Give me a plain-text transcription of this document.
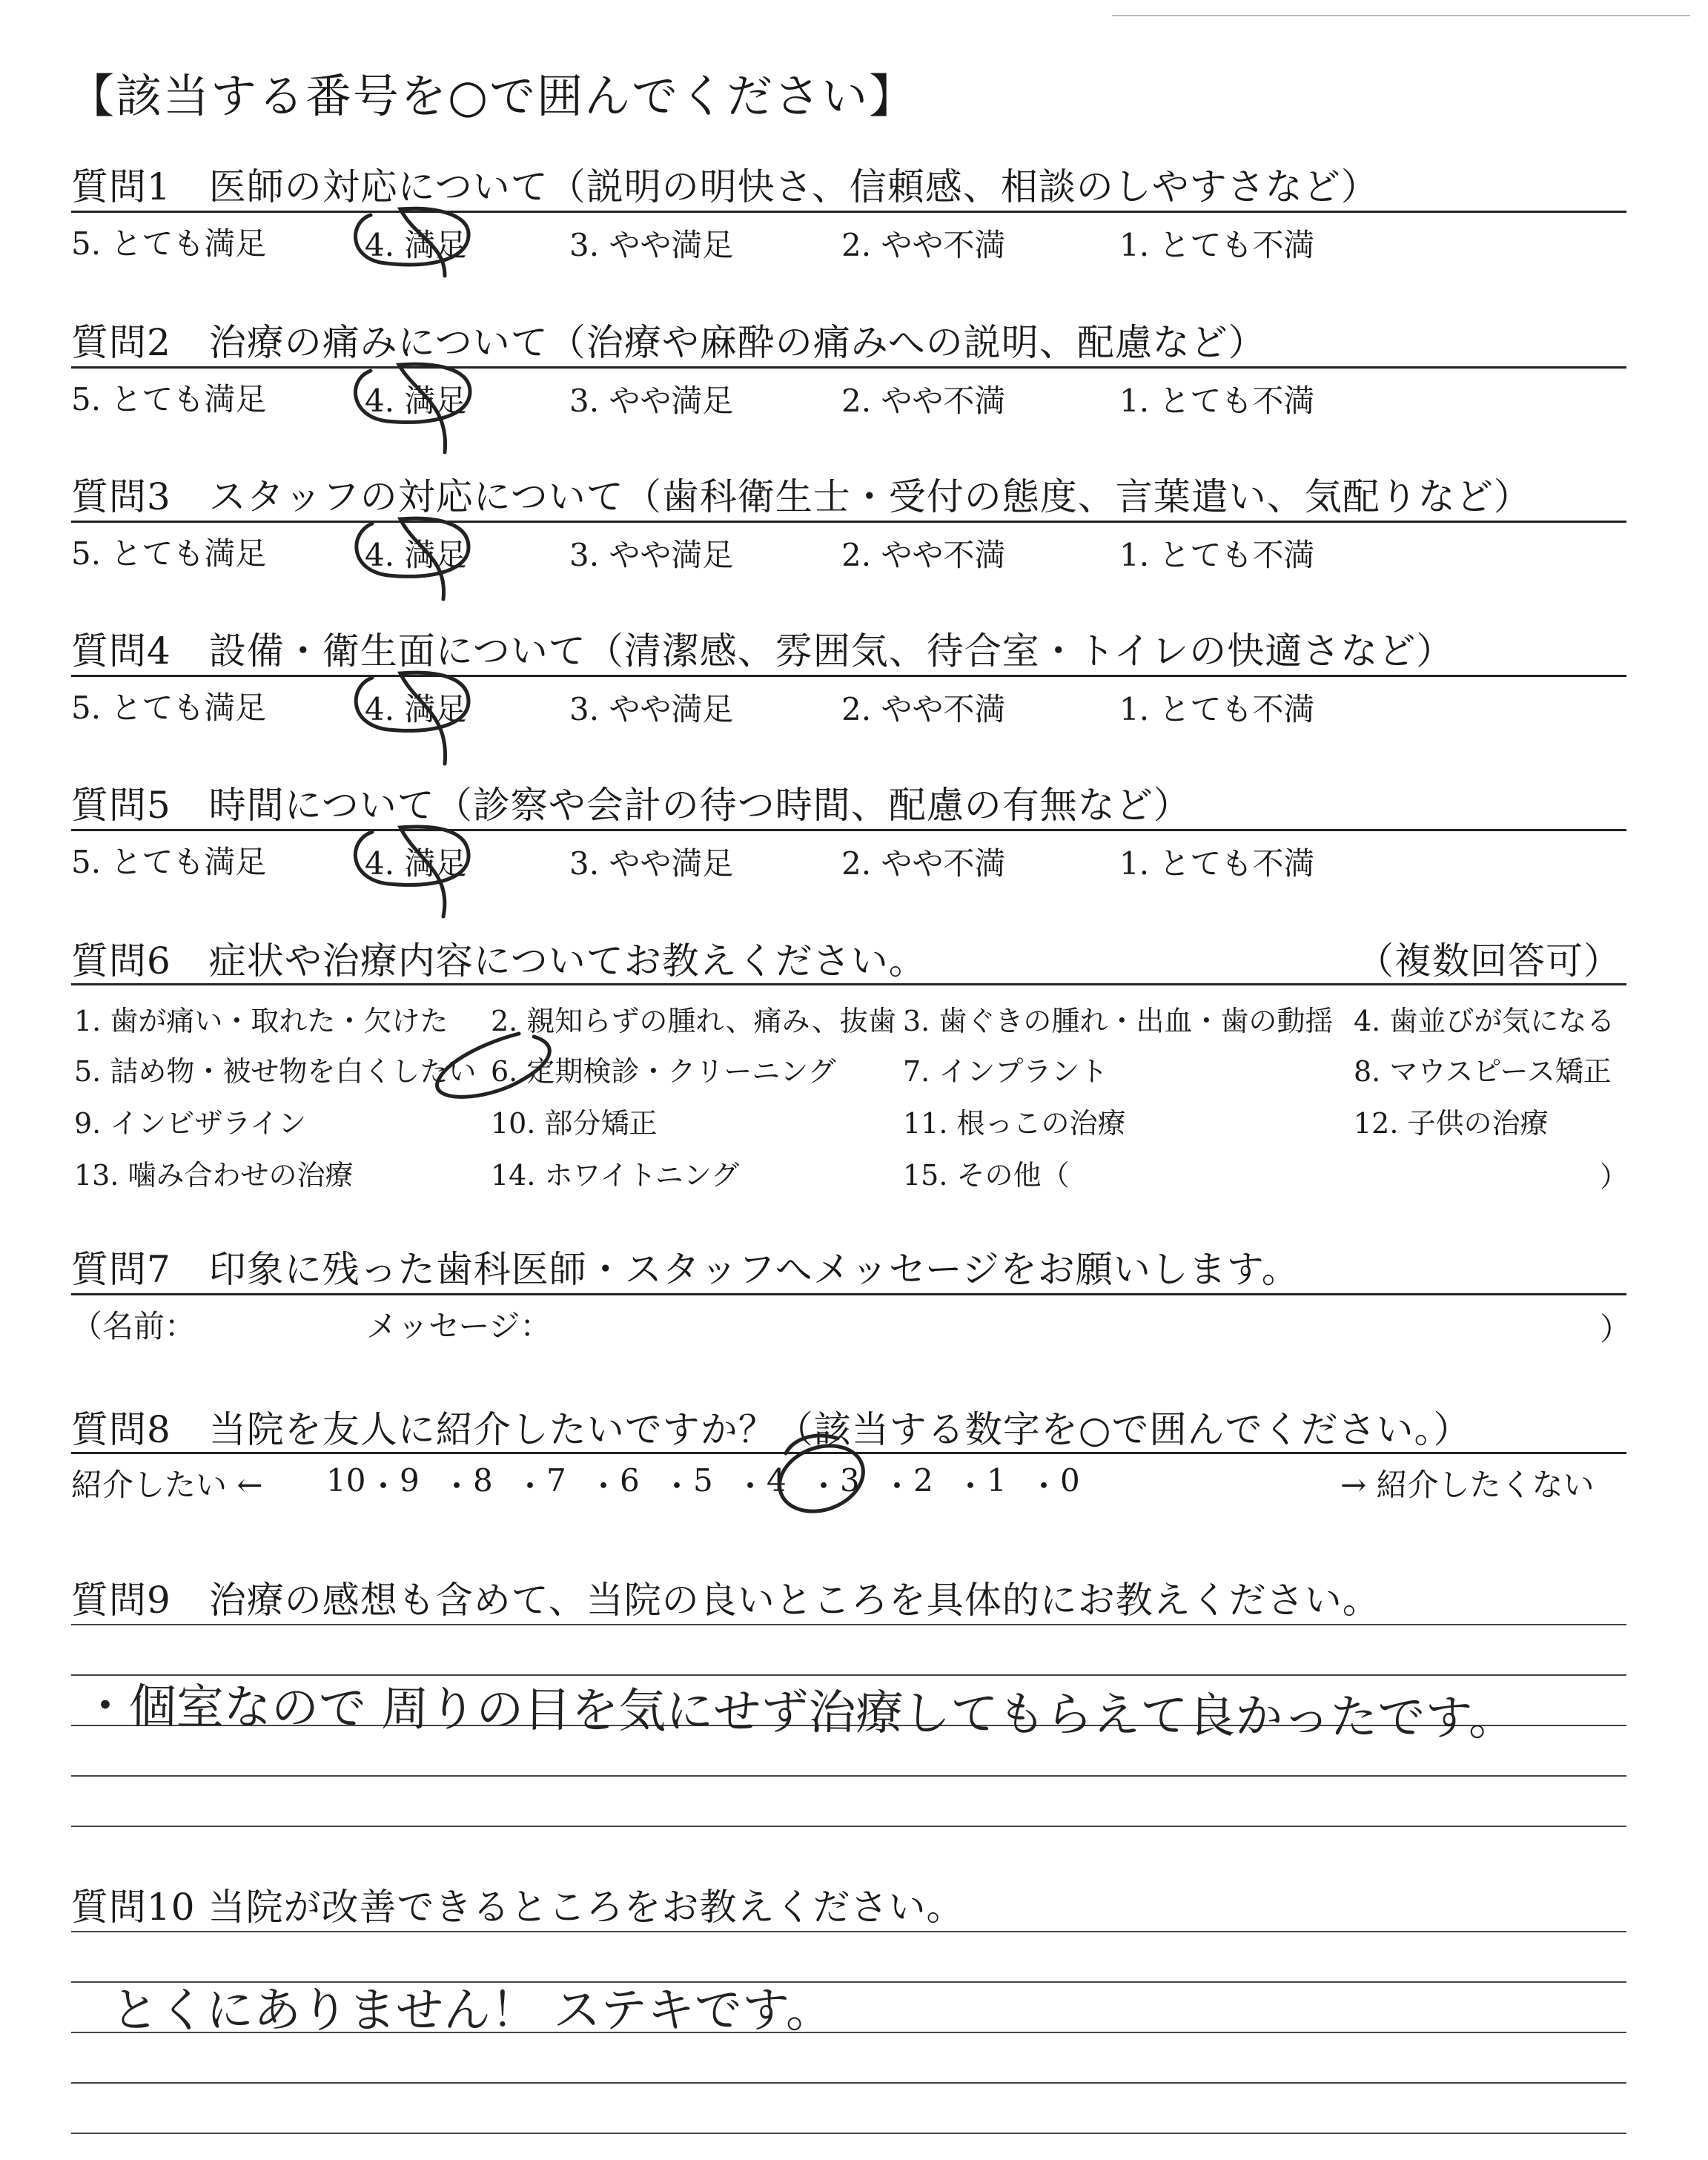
【該当する番号を○で囲んでください】
質問1　医師の対応について（説明の明快さ、信頼感、相談のしやすさなど）
5. とても満足	4. 満足	3. やや満足	2. やや不満	1. とても不満
質問2　治療の痛みについて（治療や麻酔の痛みへの説明、配慮など）
5. とても満足	4. 満足	3. やや満足	2. やや不満	1. とても不満
質問3　スタッフの対応について（歯科衛生士・受付の態度、言葉遣い、気配りなど）
5. とても満足	4. 満足	3. やや満足	2. やや不満	1. とても不満
質問4　設備・衛生面について（清潔感、雰囲気、待合室・トイレの快適さなど）
5. とても満足	4. 満足	3. やや満足	2. やや不満	1. とても不満
質問5　時間について（診察や会計の待つ時間、配慮の有無など）
5. とても満足	4. 満足	3. やや満足	2. やや不満	1. とても不満
質問6　症状や治療内容についてお教えください。	（複数回答可）
1. 歯が痛い・取れた・欠けた 2. 親知らずの腫れ、痛み、抜歯 3. 歯ぐきの腫れ・出血・歯の動揺 4. 歯並びが気になる
5. 詰め物・被せ物を白くしたい 6. 定期検診・クリーニング 7. インプラント	8. マウスピース矯正
9. インビザライン	10. 部分矯正	11. 根っこの治療	12. 子供の治療
13. 噛み合わせの治療	14. ホワイトニング	15. その他（	）
質問7　印象に残った歯科医師・スタッフへメッセージをお願いします。
（名前：	メッセージ：	）
質問8　当院を友人に紹介したいですか？（該当する数字を○で囲んでください。）
紹介したい ← 10 ・ 9 ・ 8 ・ 7 ・ 6 ・ 5 ・ 4 ・ 3 ・ 2 ・ 1 ・ 0	→ 紹介したくない
質問9　治療の感想も含めて、当院の良いところを具体的にお教えください。
・個室なので 周りの目を気にせず治療してもらえて良かったです。
質問10 当院が改善できるところをお教えください。
とくにありません！ ステキです。
